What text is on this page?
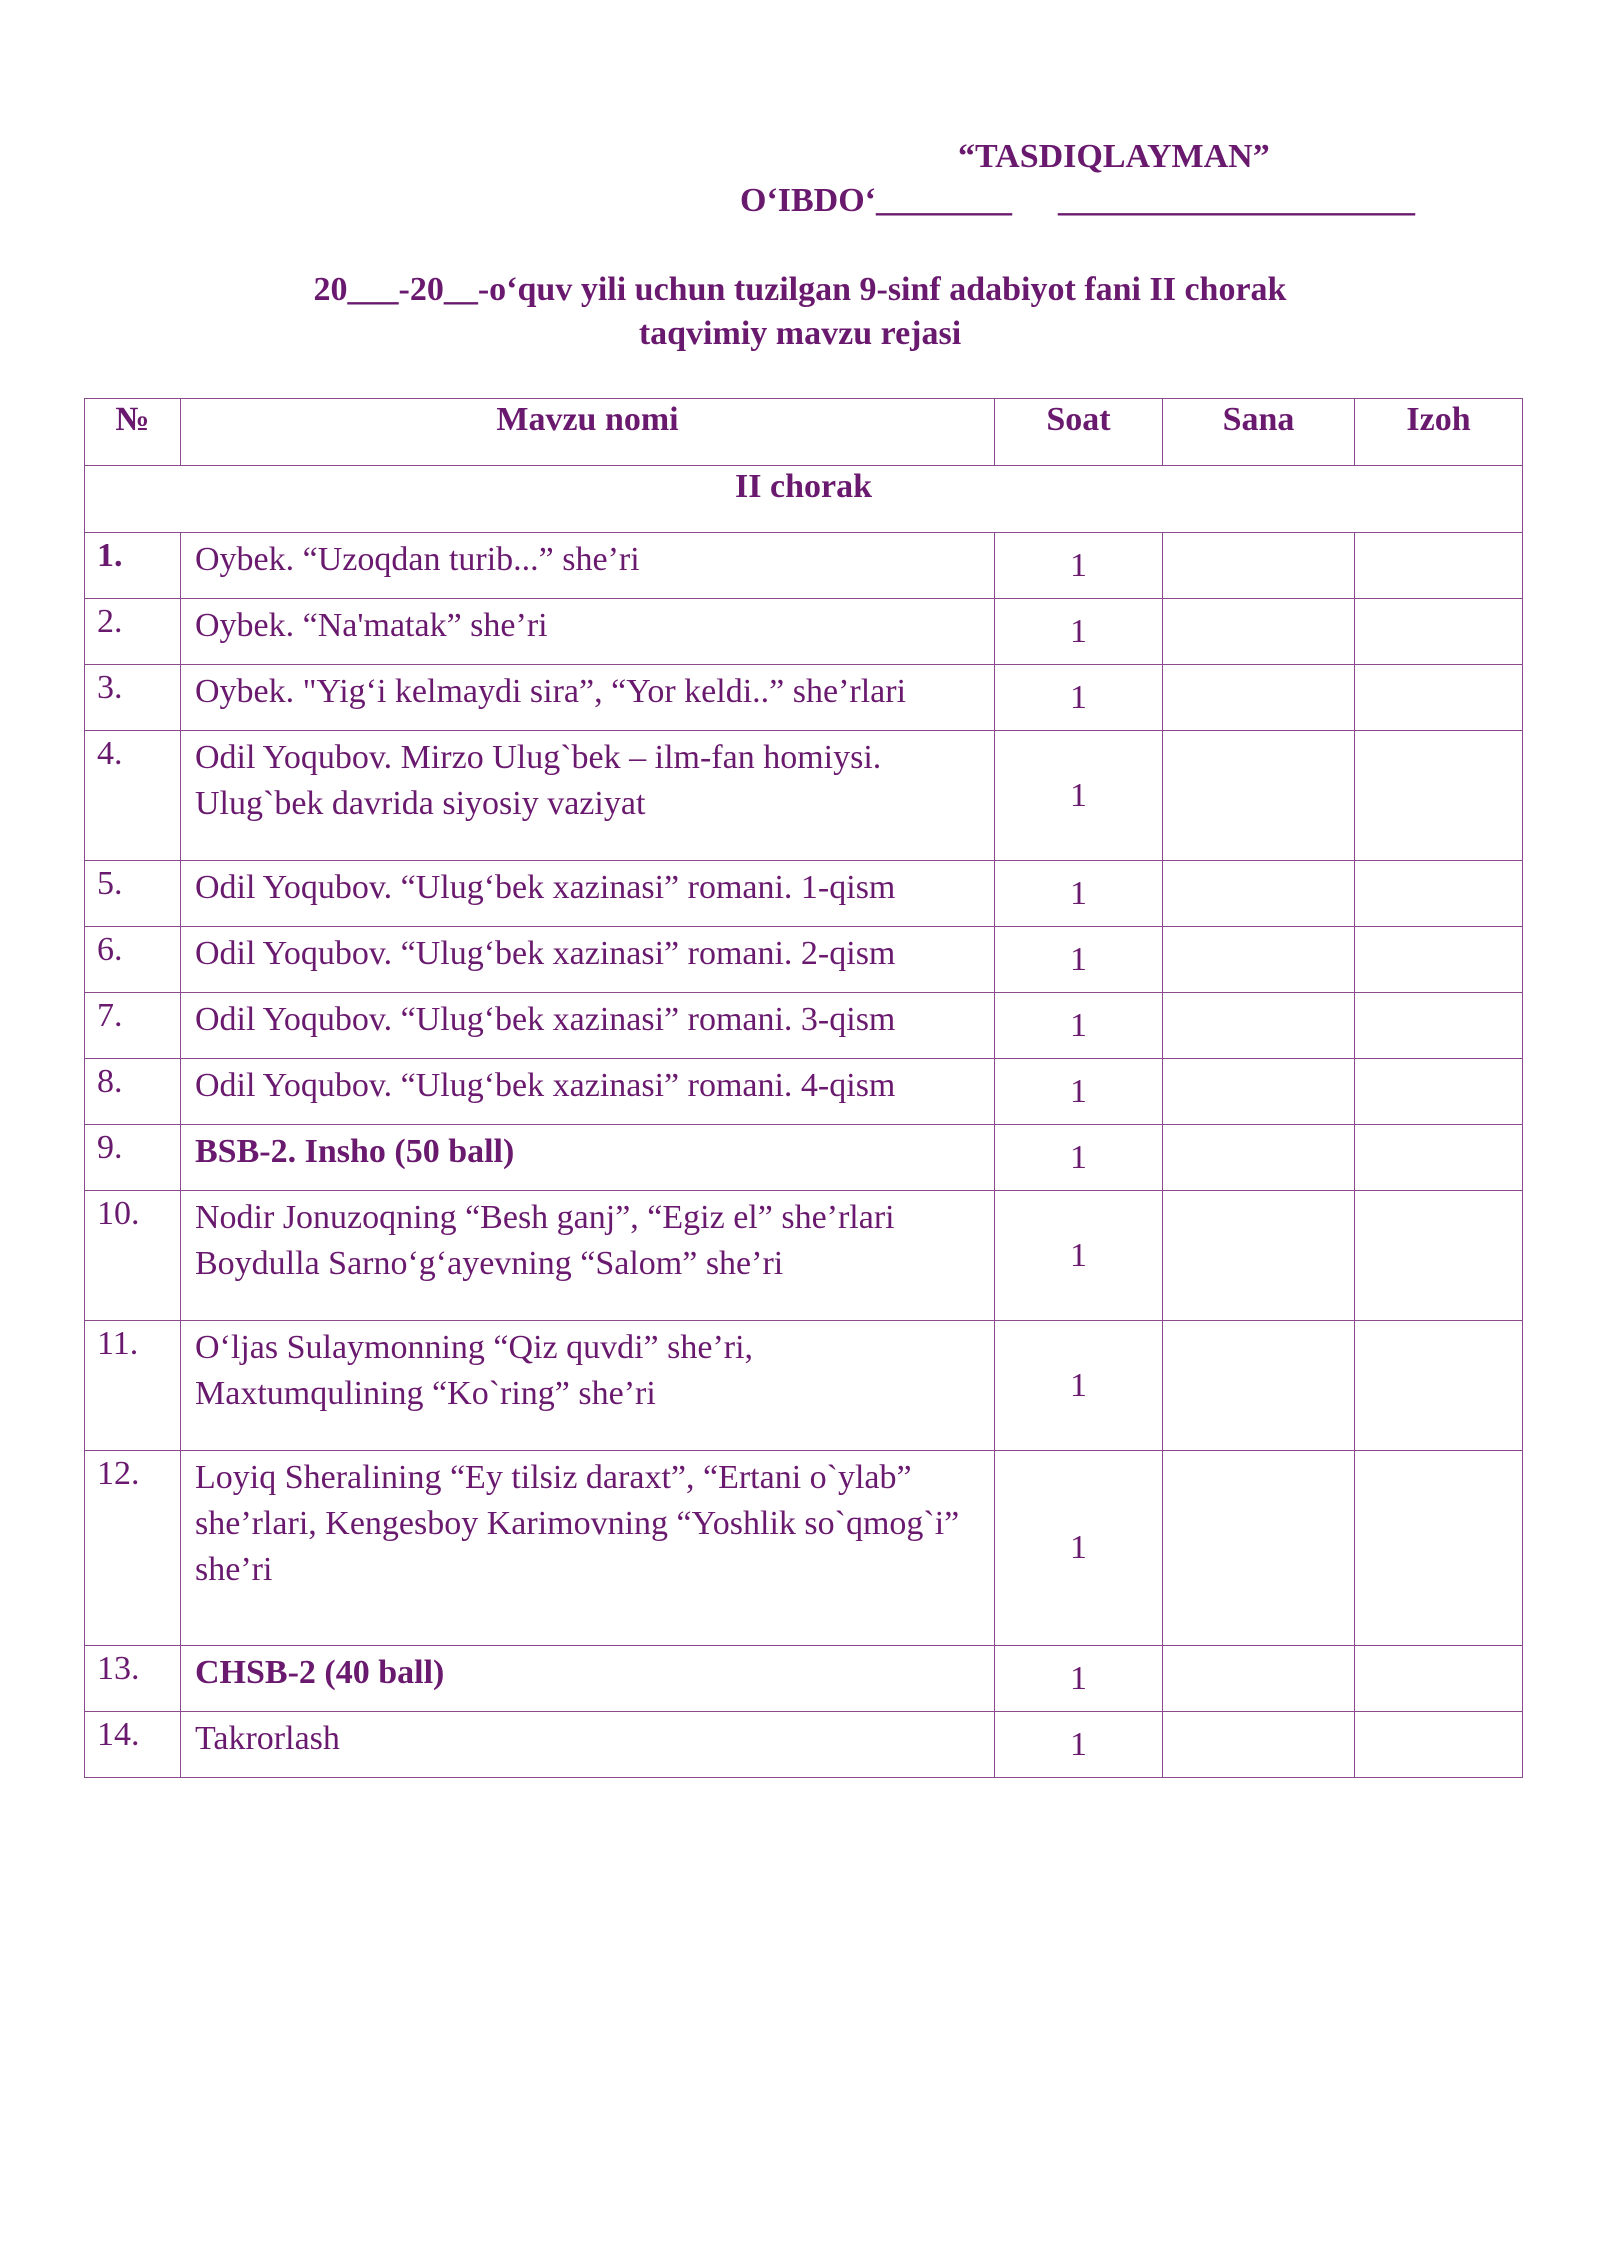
“TASDIQLAYMAN”
O‘IBDO‘________ _____________________
20___-20__-o‘quv yili uchun tuzilgan 9-sinf adabiyot fani II chorak
taqvimiy mavzu rejasi
№	Mavzu nomi	Soat	Sana	Izoh
II chorak				
1.	Oybek. “Uzoqdan turib...” she’ri	1		
2.	Oybek. “Na'matak” she’ri	1		
3.	Oybek. "Yig‘i kelmaydi sira”, “Yor keldi..” she’rlari	1		
4.	Odil Yoqubov. Mirzo Ulug`bek – ilm-fan homiysi. Ulug`bek davrida siyosiy vaziyat	1		
5.	Odil Yoqubov. “Ulug‘bek xazinasi” romani. 1-qism	1		
6.	Odil Yoqubov. “Ulug‘bek xazinasi” romani. 2-qism	1		
7.	Odil Yoqubov. “Ulug‘bek xazinasi” romani. 3-qism	1		
8.	Odil Yoqubov. “Ulug‘bek xazinasi” romani. 4-qism	1		
9.	BSB-2. Insho (50 ball)	1		
10.	Nodir Jonuzoqning “Besh ganj”, “Egiz el” she’rlari Boydulla Sarno‘g‘ayevning “Salom” she’ri	1		
11.	O‘ljas Sulaymonning “Qiz quvdi” she’ri, Maxtumqulining “Ko`ring” she’ri	1		
12.	Loyiq Sheralining “Ey tilsiz daraxt”, “Ertani o`ylab” she’rlari, Kengesboy Karimovning “Yoshlik so`qmog`i” she’ri	1		
13.	CHSB-2 (40 ball)	1		
14.	Takrorlash	1		
